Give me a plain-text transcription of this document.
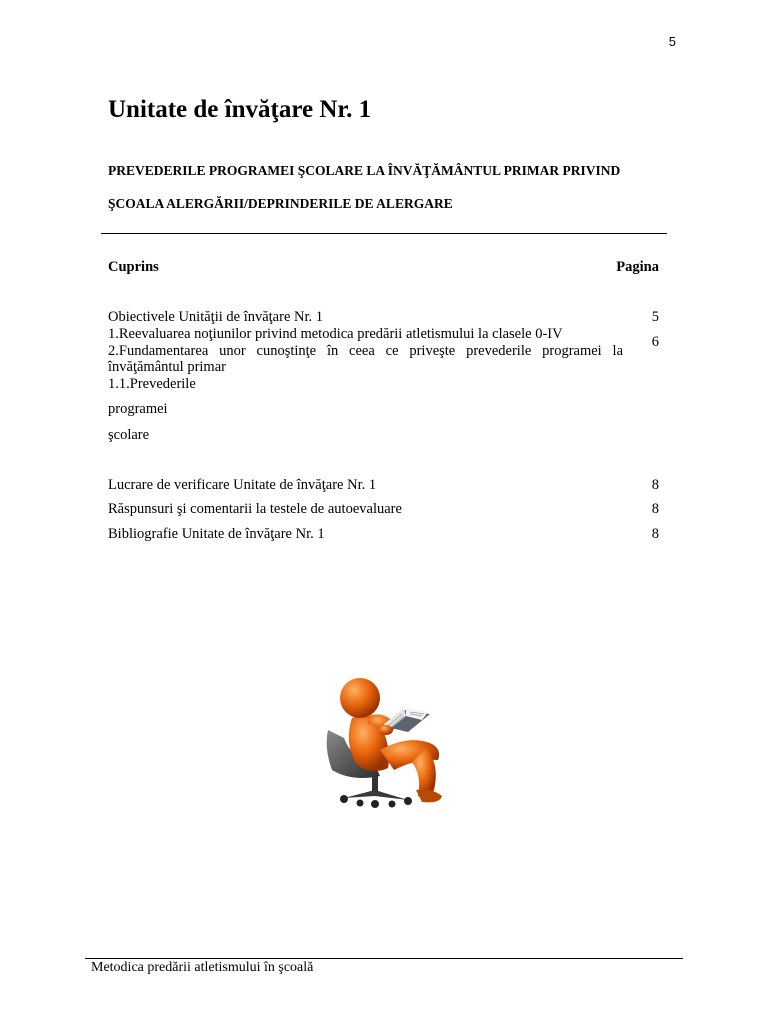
5
Unitate de învăţare Nr. 1

PREVEDERILE PROGRAMEI ŞCOLARE LA ÎNVĂŢĂMÂNTUL PRIMAR PRIVIND

ŞCOALA ALERGĂRII/DEPRINDERILE DE ALERGARE

Cuprins	Pagina
Obiectivele Unităţii de învăţare Nr. 1	5
1.Reevaluarea noţiunilor privind metodica predării atletismului la clasele 0-IV	6
2.Fundamentarea unor cunoştinţe în ceea ce priveşte prevederile programei la învăţământul primar
1.1.Prevederile
programei
şcolare
Lucrare de verificare Unitate de învăţare Nr. 1	8
Răspunsuri şi comentarii la testele de autoevaluare	8
Bibliografie Unitate de învăţare Nr. 1	8
Metodica predării atletismului în şcoală
